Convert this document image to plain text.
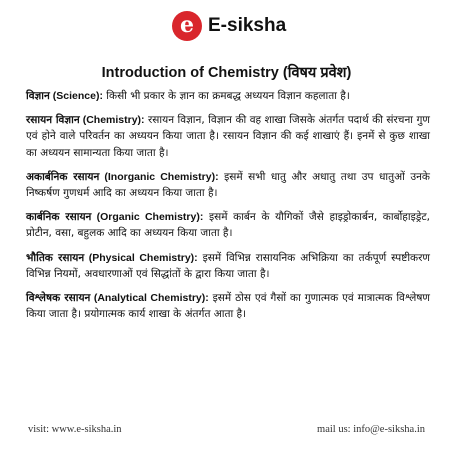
e E-siksha
Introduction of Chemistry (विषय प्रवेश)

विज्ञान (Science): किसी भी प्रकार के ज्ञान का क्रमबद्ध अध्ययन विज्ञान कहलाता है।

रसायन विज्ञान (Chemistry): रसायन विज्ञान, विज्ञान की वह शाखा जिसके अंतर्गत पदार्थ की संरचना गुण एवं होने वाले परिवर्तन का अध्ययन किया जाता है। रसायन विज्ञान की कई शाखाएं हैं। इनमें से कुछ शाखा का अध्ययन सामान्यता किया जाता है।

अकार्बनिक रसायन (Inorganic Chemistry): इसमें सभी धातु और अधातु तथा उप धातुओं उनके निष्कर्षण गुणधर्म आदि का अध्ययन किया जाता है।

कार्बनिक रसायन (Organic Chemistry): इसमें कार्बन के यौगिकों जैसे हाइड्रोकार्बन, कार्बोहाइड्रेट, प्रोटीन, वसा, बहुलक आदि का अध्ययन किया जाता है।

भौतिक रसायन (Physical Chemistry): इसमें विभिन्न रासायनिक अभिक्रिया का तर्कपूर्ण स्पष्टीकरण विभिन्न नियमों, अवधारणाओं एवं सिद्धांतों के द्वारा किया जाता है।

विश्लेषक रसायन (Analytical Chemistry): इसमें ठोस एवं गैसों का गुणात्मक एवं मात्रात्मक विश्लेषण किया जाता है। प्रयोगात्मक कार्य शाखा के अंतर्गत आता है।

visit: www.e-siksha.in	mail us: info@e-siksha.in
